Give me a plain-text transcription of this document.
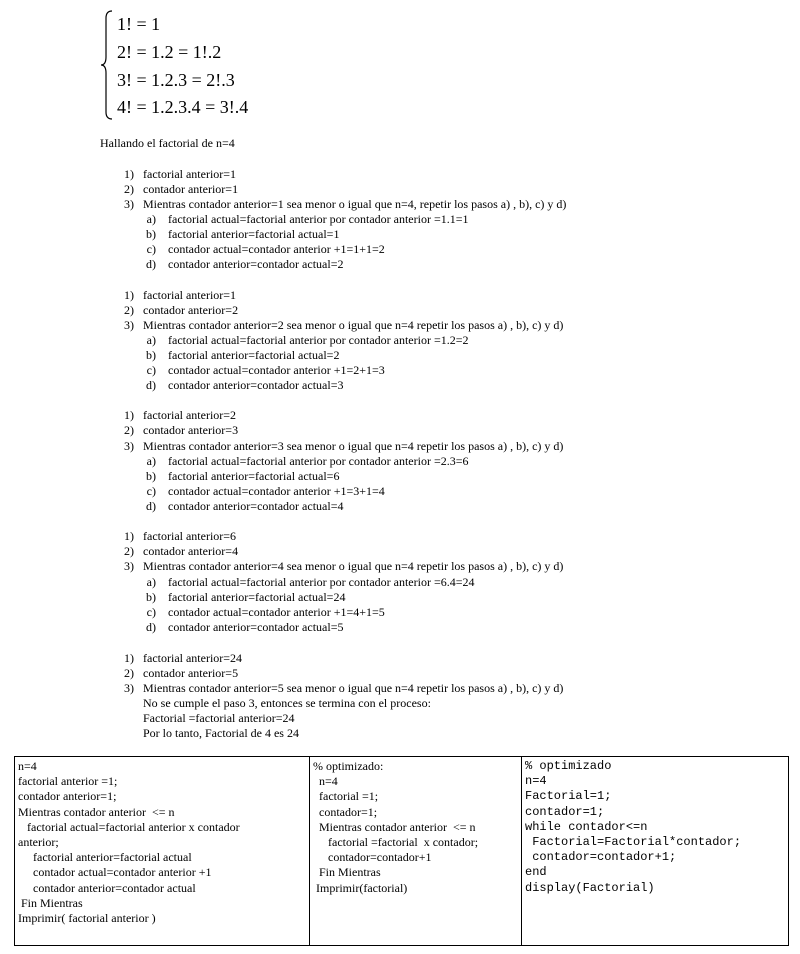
1! = 1
2! = 1.2 = 1!.2
3! = 1.2.3 = 2!.3
4! = 1.2.3.4 = 3!.4
Hallando el factorial de n=4
1) factorial anterior=1
2) contador anterior=1
3) Mientras contador anterior=1 sea menor o igual que n=4, repetir los pasos a) , b), c) y d)
a) factorial actual=factorial anterior por contador anterior =1.1=1
b) factorial anterior=factorial actual=1
c) contador actual=contador anterior +1=1+1=2
d) contador anterior=contador actual=2
1) factorial anterior=1
2) contador anterior=2
3) Mientras contador anterior=2 sea menor o igual que n=4 repetir los pasos a) , b), c) y d)
a) factorial actual=factorial anterior por contador anterior =1.2=2
b) factorial anterior=factorial actual=2
c) contador actual=contador anterior +1=2+1=3
d) contador anterior=contador actual=3
1) factorial anterior=2
2) contador anterior=3
3) Mientras contador anterior=3 sea menor o igual que n=4 repetir los pasos a) , b), c) y d)
a) factorial actual=factorial anterior por contador anterior =2.3=6
b) factorial anterior=factorial actual=6
c) contador actual=contador anterior +1=3+1=4
d) contador anterior=contador actual=4
1) factorial anterior=6
2) contador anterior=4
3) Mientras contador anterior=4 sea menor o igual que n=4 repetir los pasos a) , b), c) y d)
a) factorial actual=factorial anterior por contador anterior =6.4=24
b) factorial anterior=factorial actual=24
c) contador actual=contador anterior +1=4+1=5
d) contador anterior=contador actual=5
1) factorial anterior=24
2) contador anterior=5
3) Mientras contador anterior=5 sea menor o igual que n=4 repetir los pasos a) , b), c) y d)
No se cumple el paso 3, entonces se termina con el proceso:
Factorial =factorial anterior=24
Por lo tanto, Factorial de 4 es 24
n=4
factorial anterior =1;
contador anterior=1;
Mientras contador anterior  <= n
factorial actual=factorial anterior x contador
anterior;
factorial anterior=factorial actual
contador actual=contador anterior +1
contador anterior=contador actual
Fin Mientras
Imprimir( factorial anterior )

% optimizado:
n=4
factorial =1;
contador=1;
Mientras contador anterior  <= n
factorial =factorial  x contador;
contador=contador+1
Fin Mientras
Imprimir(factorial)

% optimizado
n=4
Factorial=1;
contador=1;
while contador<=n
Factorial=Factorial*contador;
contador=contador+1;
end
display(Factorial)
